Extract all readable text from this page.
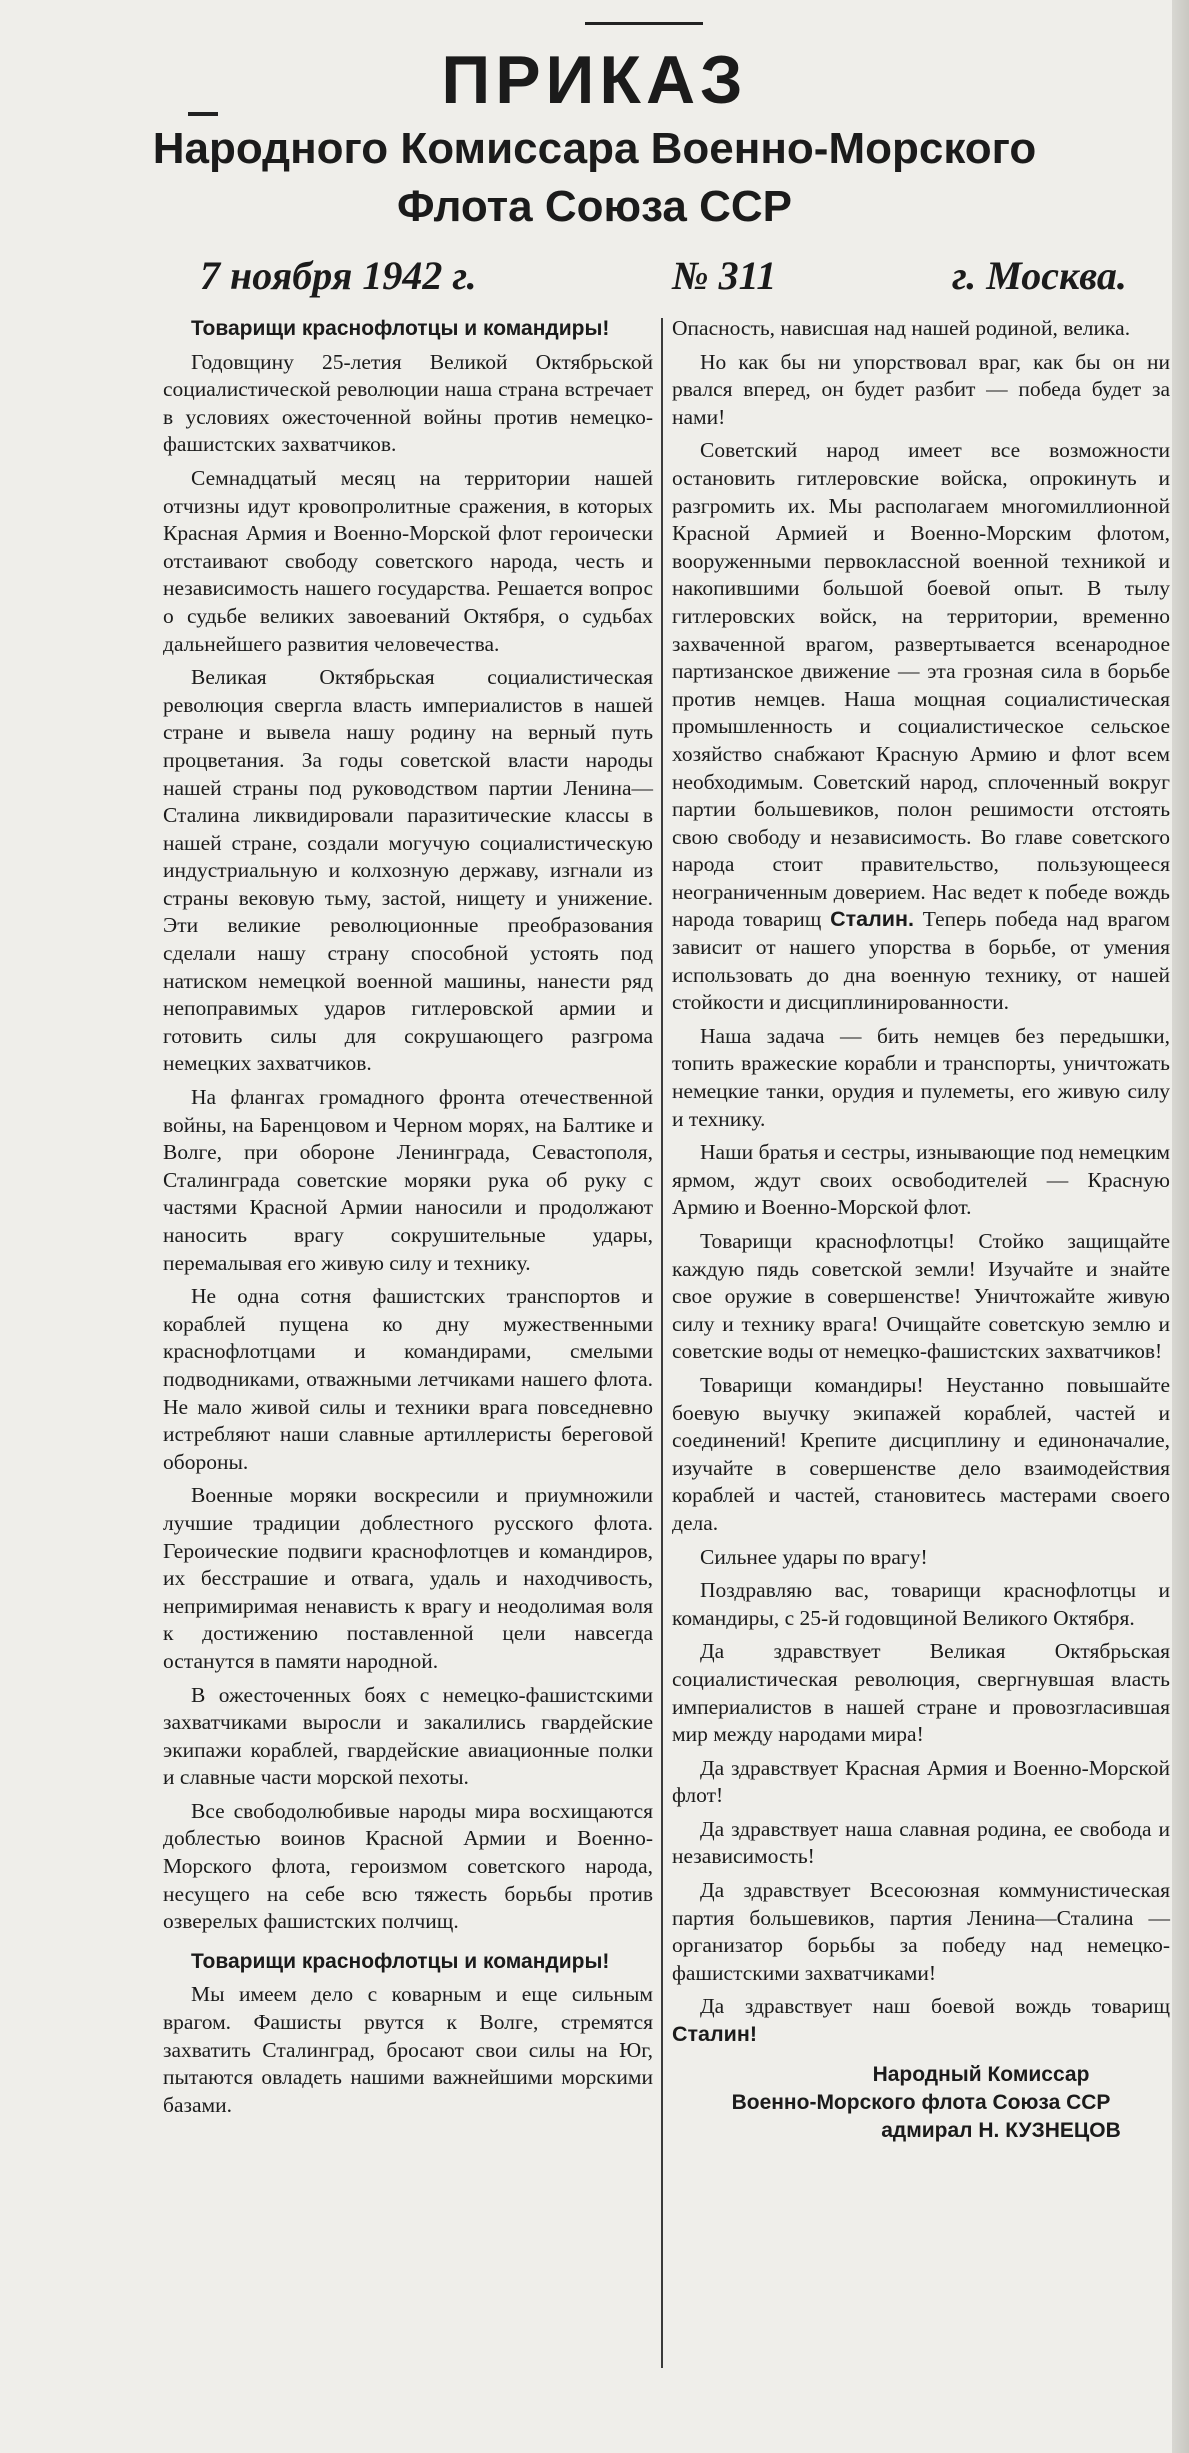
ПРИКАЗ

Народного Комиссара Военно-Морского

Флота Союза ССР

7 ноября 1942 г.	№ 311	г. Москва.

Товарищи краснофлотцы и командиры!

Годовщину 25-летия Великой Октябрьской социалистической революции наша страна встречает в условиях ожесточенной войны против немецко-фашистских захватчиков.

Семнадцатый месяц на территории нашей отчизны идут кровопролитные сражения, в которых Красная Армия и Военно-Морской флот героически отстаивают свободу советского народа, честь и независимость нашего государства. Решается вопрос о судьбе великих завоеваний Октября, о судьбах дальнейшего развития человечества.

Великая Октябрьская социалистическая революция свергла власть империалистов в нашей стране и вывела нашу родину на верный путь процветания. За годы советской власти народы нашей страны под руководством партии Ленина—Сталина ликвидировали паразитические классы в нашей стране, создали могучую социалистическую индустриальную и колхозную державу, изгнали из страны вековую тьму, застой, нищету и унижение. Эти великие революционные преобразования сделали нашу страну способной устоять под натиском немецкой военной машины, нанести ряд непоправимых ударов гитлеровской армии и готовить силы для сокрушающего разгрома немецких захватчиков.

На флангах громадного фронта отечественной войны, на Баренцовом и Черном морях, на Балтике и Волге, при обороне Ленинграда, Севастополя, Сталинграда советские моряки рука об руку с частями Красной Армии наносили и продолжают наносить врагу сокрушительные удары, перемалывая его живую силу и технику.

Не одна сотня фашистских транспортов и кораблей пущена ко дну мужественными краснофлотцами и командирами, смелыми подводниками, отважными летчиками нашего флота. Не мало живой силы и техники врага повседневно истребляют наши славные артиллеристы береговой обороны.

Военные моряки воскресили и приумножили лучшие традиции доблестного русского флота. Героические подвиги краснофлотцев и командиров, их бесстрашие и отвага, удаль и находчивость, непримиримая ненависть к врагу и неодолимая воля к достижению поставленной цели навсегда останутся в памяти народной.

В ожесточенных боях с немецко-фашистскими захватчиками выросли и закалились гвардейские экипажи кораблей, гвардейские авиационные полки и славные части морской пехоты.

Все свободолюбивые народы мира восхищаются доблестью воинов Красной Армии и Военно-Морского флота, героизмом советского народа, несущего на себе всю тяжесть борьбы против озверелых фашистских полчищ.

Товарищи краснофлотцы и командиры!

Мы имеем дело с коварным и еще сильным врагом. Фашисты рвутся к Волге, стремятся захватить Сталинград, бросают свои силы на Юг, пытаются овладеть нашими важнейшими морскими базами.

Опасность, нависшая над нашей родиной, велика.

Но как бы ни упорствовал враг, как бы он ни рвался вперед, он будет разбит — победа будет за нами!

Советский народ имеет все возможности остановить гитлеровские войска, опрокинуть и разгромить их. Мы располагаем многомиллионной Красной Армией и Военно-Морским флотом, вооруженными первоклассной военной техникой и накопившими большой боевой опыт. В тылу гитлеровских войск, на территории, временно захваченной врагом, развертывается всенародное партизанское движение — эта грозная сила в борьбе против немцев. Наша мощная социалистическая промышленность и социалистическое сельское хозяйство снабжают Красную Армию и флот всем необходимым. Советский народ, сплоченный вокруг партии большевиков, полон решимости отстоять свою свободу и независимость. Во главе советского народа стоит правительство, пользующееся неограниченным доверием. Нас ведет к победе вождь народа товарищ Сталин. Теперь победа над врагом зависит от нашего упорства в борьбе, от умения использовать до дна военную технику, от нашей стойкости и дисциплинированности.

Наша задача — бить немцев без передышки, топить вражеские корабли и транспорты, уничтожать немецкие танки, орудия и пулеметы, его живую силу и технику.

Наши братья и сестры, изнывающие под немецким ярмом, ждут своих освободителей — Красную Армию и Военно-Морской флот.

Товарищи краснофлотцы! Стойко защищайте каждую пядь советской земли! Изучайте и знайте свое оружие в совершенстве! Уничтожайте живую силу и технику врага! Очищайте советскую землю и советские воды от немецко-фашистских захватчиков!

Товарищи командиры! Неустанно повышайте боевую выучку экипажей кораблей, частей и соединений! Крепите дисциплину и единоначалие, изучайте в совершенстве дело взаимодействия кораблей и частей, становитесь мастерами своего дела.

Сильнее удары по врагу!

Поздравляю вас, товарищи краснофлотцы и командиры, с 25-й годовщиной Великого Октября.

Да здравствует Великая Октябрьская социалистическая революция, свергнувшая власть империалистов в нашей стране и провозгласившая мир между народами мира!

Да здравствует Красная Армия и Военно-Морской флот!

Да здравствует наша славная родина, ее свобода и независимость!

Да здравствует Всесоюзная коммунистическая партия большевиков, партия Ленина—Сталина — организатор борьбы за победу над немецко-фашистскими захватчиками!

Да здравствует наш боевой вождь товарищ Сталин!

Народный Комиссар
Военно-Морского флота Союза ССР
адмирал Н. КУЗНЕЦОВ
